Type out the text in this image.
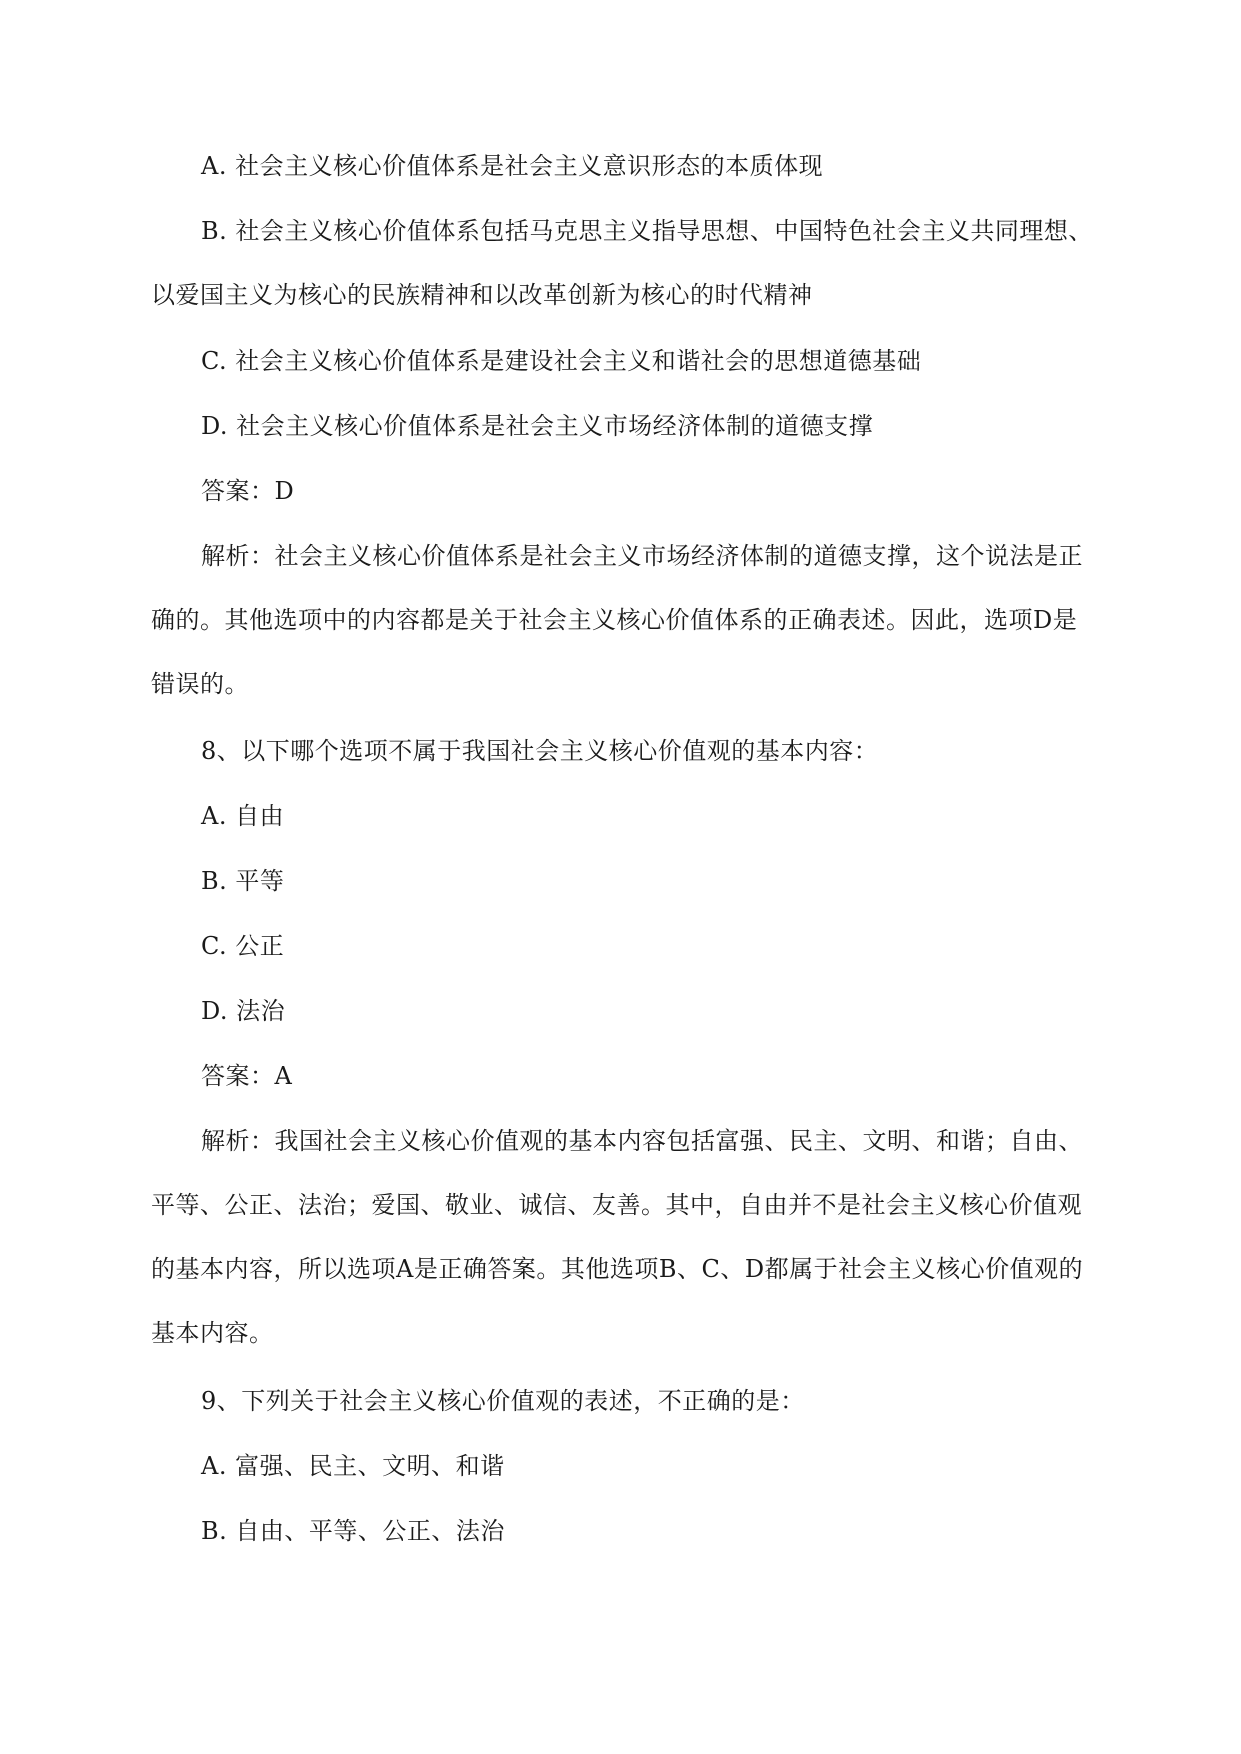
A. 社会主义核心价值体系是社会主义意识形态的本质体现

B. 社会主义核心价值体系包括马克思主义指导思想、中国特色社会主义共同理想、以爱国主义为核心的民族精神和以改革创新为核心的时代精神

C. 社会主义核心价值体系是建设社会主义和谐社会的思想道德基础

D. 社会主义核心价值体系是社会主义市场经济体制的道德支撑

答案：D

解析：社会主义核心价值体系是社会主义市场经济体制的道德支撑，这个说法是正确的。其他选项中的内容都是关于社会主义核心价值体系的正确表述。因此，选项D是错误的。

8、以下哪个选项不属于我国社会主义核心价值观的基本内容：

A. 自由

B. 平等

C. 公正

D. 法治

答案：A

解析：我国社会主义核心价值观的基本内容包括富强、民主、文明、和谐；自由、平等、公正、法治；爱国、敬业、诚信、友善。其中，自由并不是社会主义核心价值观的基本内容，所以选项A是正确答案。其他选项B、C、D都属于社会主义核心价值观的基本内容。

9、下列关于社会主义核心价值观的表述，不正确的是：

A. 富强、民主、文明、和谐

B. 自由、平等、公正、法治
